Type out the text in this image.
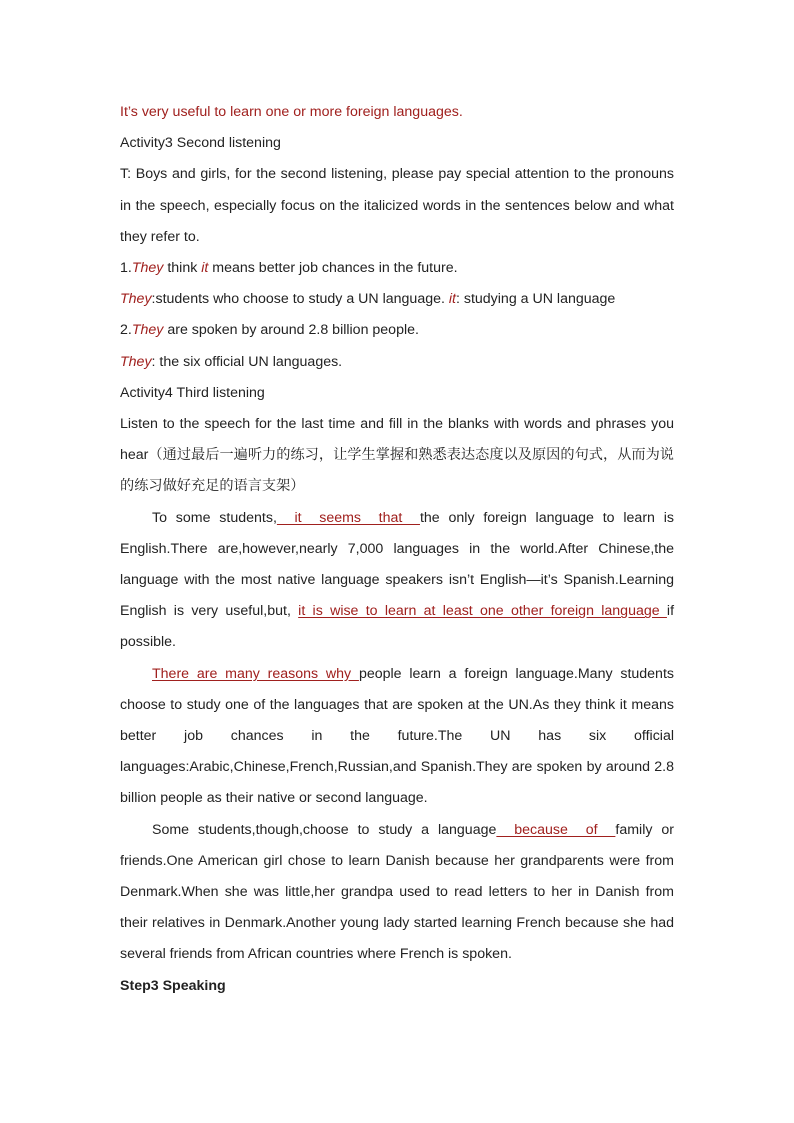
It’s very useful to learn one or more foreign languages.

Activity3 Second listening

T: Boys and girls, for the second listening, please pay special attention to the pronouns in the speech, especially focus on the italicized words in the sentences below and what they refer to.

1.They think it means better job chances in the future.

They:students who choose to study a UN language. it: studying a UN language

2.They are spoken by around 2.8 billion people.

They: the six official UN languages.

Activity4 Third listening

Listen to the speech for the last time and fill in the blanks with words and phrases you hear（通过最后一遍听力的练习，让学生掌握和熟悉表达态度以及原因的句式，从而为说的练习做好充足的语言支架）

To some students,  it  seems  that  the only foreign language to learn is English.There are,however,nearly 7,000 languages in the world.After Chinese,the language with the most native language speakers isn’t English—it’s Spanish.Learning English is very useful,but, it is wise to learn at least one other foreign language if possible.

There are many reasons why people learn a foreign language.Many students choose to study one of the languages that are spoken at the UN.As they think it means better job chances in the future.The UN has six official languages:Arabic,Chinese,French,Russian,and Spanish.They are spoken by around 2.8 billion people as their native or second language.

Some students,though,choose to study a language  because  of  family or friends.One American girl chose to learn Danish because her grandparents were from Denmark.When she was little,her grandpa used to read letters to her in Danish from their relatives in Denmark.Another young lady started learning French because she had several friends from African countries where French is spoken.

Step3 Speaking
